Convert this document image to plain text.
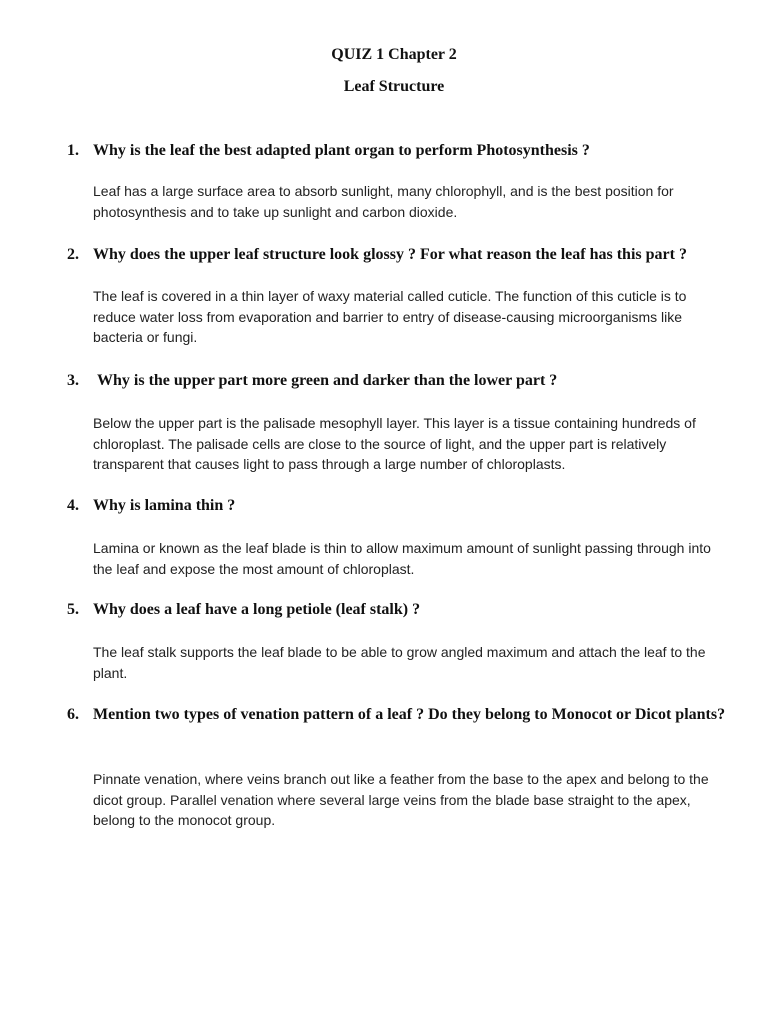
QUIZ 1 Chapter 2
Leaf Structure
1. Why is the leaf the best adapted plant organ to perform Photosynthesis ?

Leaf has a large surface area to absorb sunlight, many chlorophyll, and is the best position for photosynthesis and to take up sunlight and carbon dioxide.

2. Why does the upper leaf structure look glossy ? For what reason the leaf has this part ?

The leaf is covered in a thin layer of waxy material called cuticle. The function of this cuticle is to reduce water loss from evaporation and barrier to entry of disease-causing microorganisms like bacteria or fungi.

3. Why is the upper part more green and darker than the lower part ?

Below the upper part is the palisade mesophyll layer. This layer is a tissue containing hundreds of chloroplast. The palisade cells are close to the source of light, and the upper part is relatively transparent that causes light to pass through a large number of chloroplasts.

4. Why is lamina thin ?

Lamina or known as the leaf blade is thin to allow maximum amount of sunlight passing through into the leaf and expose the most amount of chloroplast.

5. Why does a leaf have a long petiole (leaf stalk) ?

The leaf stalk supports the leaf blade to be able to grow angled maximum and attach the leaf to the plant.

6. Mention two types of venation pattern of a leaf ? Do they belong to Monocot or Dicot plants?

Pinnate venation, where veins branch out like a feather from the base to the apex and belong to the dicot group. Parallel venation where several large veins from the blade base straight to the apex, belong to the monocot group.
